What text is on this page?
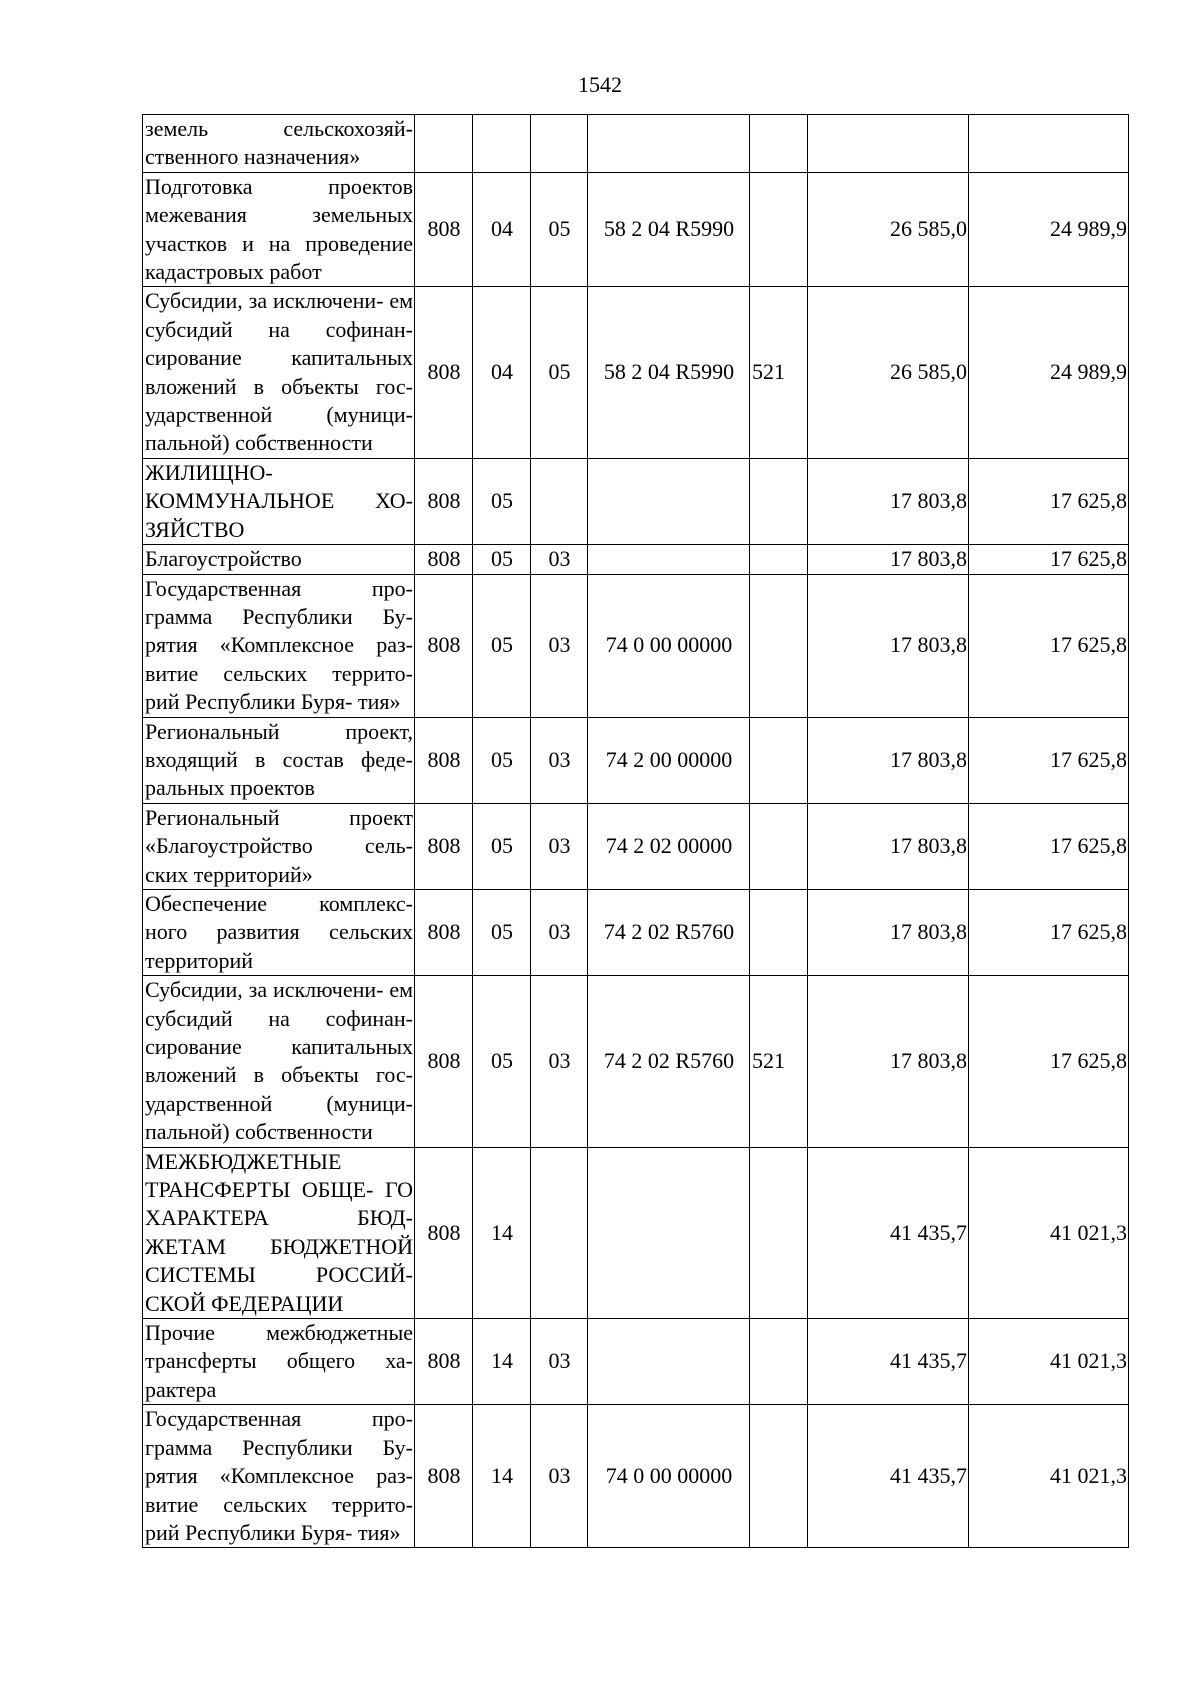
1542
земель сельскохозяй- ственного назначения»							
Подготовка проектов межевания земельных участков и на проведение кадастровых работ	808	04	05	58 2 04 R5990		26 585,0	24 989,9
Субсидии, за исключени- ем субсидий на софинан- сирование капитальных вложений в объекты гос- ударственной (муници- пальной) собственности	808	04	05	58 2 04 R5990	521	26 585,0	24 989,9
ЖИЛИЩНО- КОММУНАЛЬНОЕ ХО- ЗЯЙСТВО	808	05				17 803,8	17 625,8
Благоустройство	808	05	03			17 803,8	17 625,8
Государственная про- грамма Республики Бу- рятия «Комплексное раз- витие сельских террито- рий Республики Буря- тия»	808	05	03	74 0 00 00000		17 803,8	17 625,8
Региональный проект, входящий в состав феде- ральных проектов	808	05	03	74 2 00 00000		17 803,8	17 625,8
Региональный проект «Благоустройство сель- ских территорий»	808	05	03	74 2 02 00000		17 803,8	17 625,8
Обеспечение комплекс- ного развития сельских территорий	808	05	03	74 2 02 R5760		17 803,8	17 625,8
Субсидии, за исключени- ем субсидий на софинан- сирование капитальных вложений в объекты гос- ударственной (муници- пальной) собственности	808	05	03	74 2 02 R5760	521	17 803,8	17 625,8
МЕЖБЮДЖЕТНЫЕ ТРАНСФЕРТЫ ОБЩЕ- ГО ХАРАКТЕРА БЮД- ЖЕТАМ БЮДЖЕТНОЙ СИСТЕМЫ РОССИЙ- СКОЙ ФЕДЕРАЦИИ	808	14				41 435,7	41 021,3
Прочие межбюджетные трансферты общего ха- рактера	808	14	03			41 435,7	41 021,3
Государственная про- грамма Республики Бу- рятия «Комплексное раз- витие сельских террито- рий Республики Буря- тия»	808	14	03	74 0 00 00000		41 435,7	41 021,3
